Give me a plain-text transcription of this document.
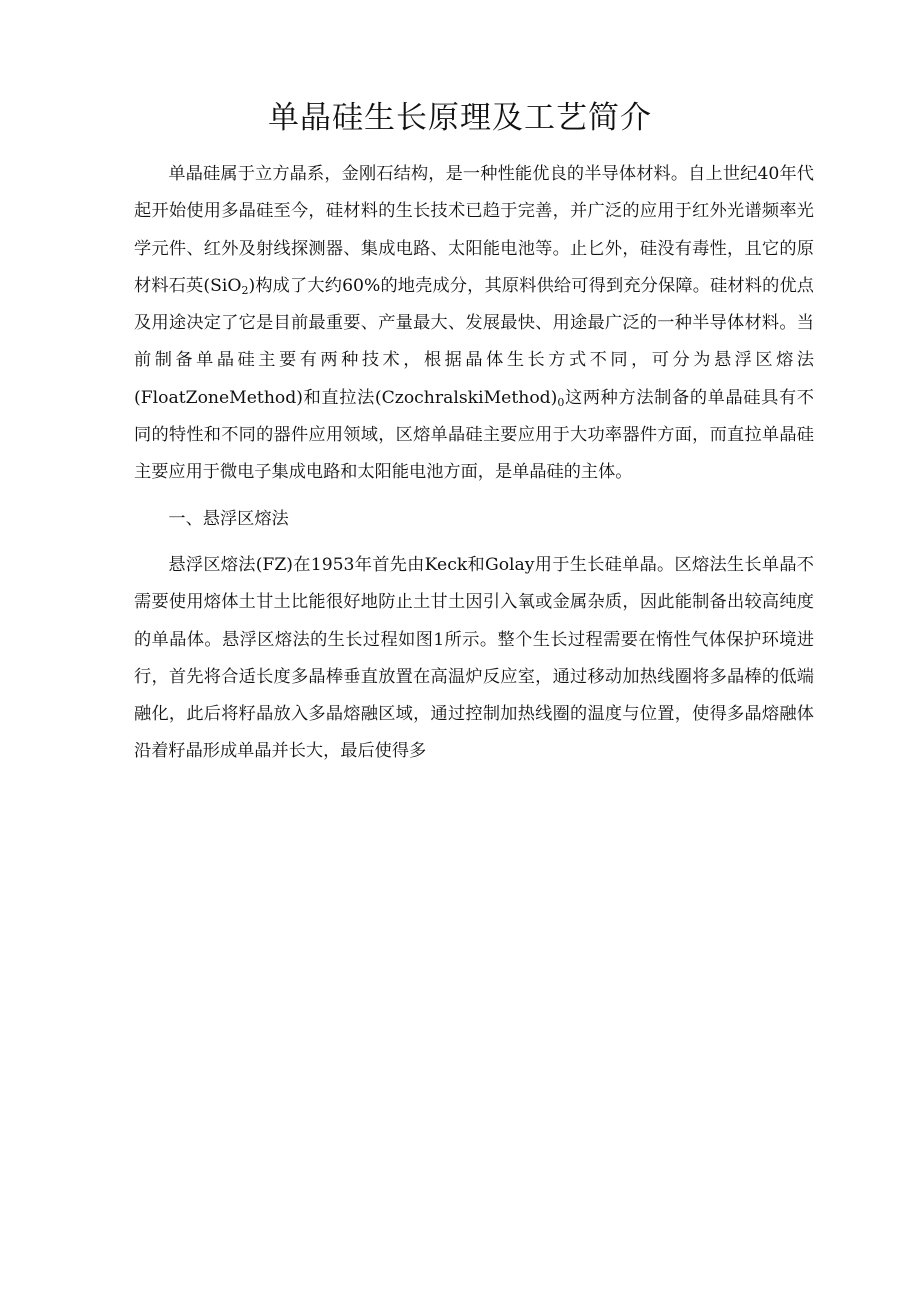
单晶硅生长原理及工艺简介

单晶硅属于立方晶系，金刚石结构，是一种性能优良的半导体材料。自上世纪40年代起开始使用多晶硅至今，硅材料的生长技术已趋于完善，并广泛的应用于红外光谱频率光学元件、红外及射线探测器、集成电路、太阳能电池等。止匕外，硅没有毒性，且它的原材料石英(SiO$_2$)构成了大约60%的地壳成分，其原料供给可得到充分保障。硅材料的优点及用途决定了它是目前最重要、产量最大、发展最快、用途最广泛的一种半导体材料。当前制备单晶硅主要有两种技术，根据晶体生长方式不同，可分为悬浮区熔法(FloatZoneMethod)和直拉法$(CzochralskiMethod)_0$这两种方法制备的单晶硅具有不同的特性和不同的器件应用领域，区熔单晶硅主要应用于大功率器件方面，而直拉单晶硅主要应用于微电子集成电路和太阳能电池方面，是单晶硅的主体。

一、悬浮区熔法

悬浮区熔法(FZ)在1953年首先由Keck和Golay用于生长硅单晶。区熔法生长单晶不需要使用熔体土甘土比能很好地防止土甘土因引入氧或金属杂质，因此能制备出较高纯度的单晶体。悬浮区熔法的生长过程如图1所示。整个生长过程需要在惰性气体保护环境进行，首先将合适长度多晶棒垂直放置在高温炉反应室，通过移动加热线圈将多晶棒的低端融化，此后将籽晶放入多晶熔融区域，通过控制加热线圈的温度与位置，使得多晶熔融体沿着籽晶形成单晶并长大，最后使得多
